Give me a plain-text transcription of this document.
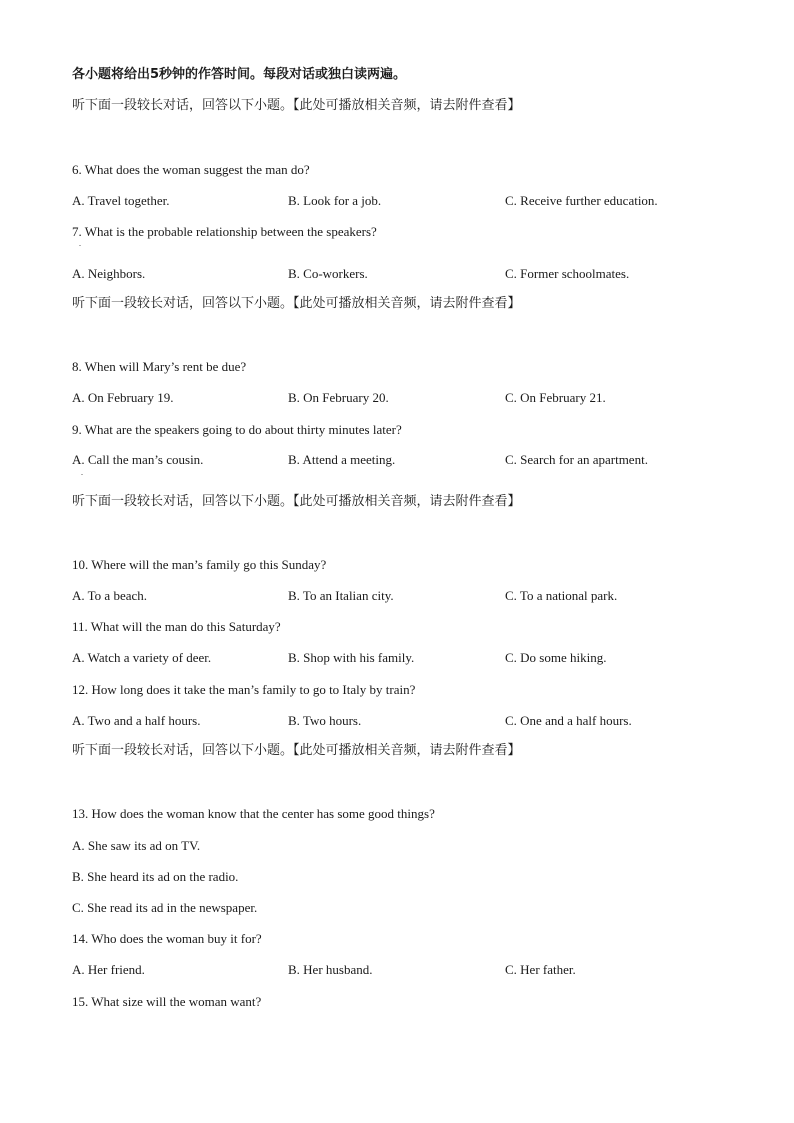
各小题将给出5秒钟的作答时间。每段对话或独白读两遍。
听下面一段较长对话，回答以下小题。【此处可播放相关音频，请去附件查看】
6. What does the woman suggest the man do?
A. Travel together.	B. Look for a job.	C. Receive further education.
7. What is the probable relationship between the speakers?
.
A. Neighbors.	B. Co-workers.	C. Former schoolmates.
听下面一段较长对话，回答以下小题。【此处可播放相关音频，请去附件查看】
8. When will Mary’s rent be due?
A. On February 19.	B. On February 20.	C. On February 21.
9. What are the speakers going to do about thirty minutes later?
A. Call the man’s cousin.	B. Attend a meeting.	C. Search for an apartment.
.
听下面一段较长对话，回答以下小题。【此处可播放相关音频，请去附件查看】
10. Where will the man’s family go this Sunday?
A. To a beach.	B. To an Italian city.	C. To a national park.
11. What will the man do this Saturday?
A. Watch a variety of deer.	B. Shop with his family.	C. Do some hiking.
12. How long does it take the man’s family to go to Italy by train?
A. Two and a half hours.	B. Two hours.	C. One and a half hours.
听下面一段较长对话，回答以下小题。【此处可播放相关音频，请去附件查看】
13. How does the woman know that the center has some good things?
A. She saw its ad on TV.
B. She heard its ad on the radio.
C. She read its ad in the newspaper.
14. Who does the woman buy it for?
A. Her friend.	B. Her husband.	C. Her father.
15. What size will the woman want?
